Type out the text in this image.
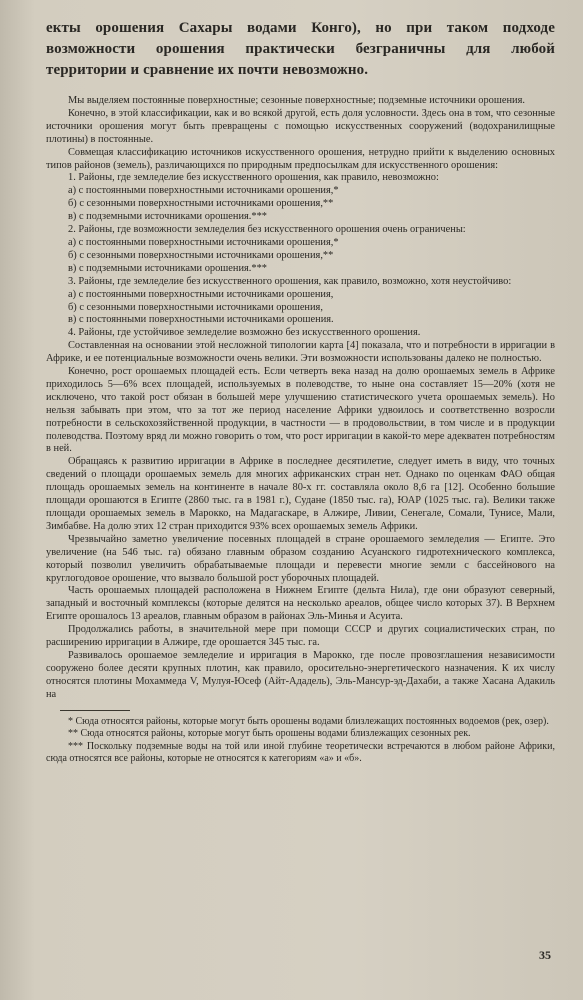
екты орошения Сахары водами Конго), но при таком подходе возможности орошения практически безграничны для любой территории и сравнение их почти невозможно.

Мы выделяем постоянные поверхностные; сезонные поверхностные; подземные источники орошения.

Конечно, в этой классификации, как и во всякой другой, есть доля условности. Здесь она в том, что сезонные источники орошения могут быть превращены с помощью искусственных сооружений (водохранилищные плотины) в постоянные.

Совмещая классификацию источников искусственного орошения, нетрудно прийти к выделению основных типов районов (земель), различающихся по природным предпосылкам для искусственного орошения:

1. Районы, где земледелие без искусственного орошения, как правило, невозможно:

а) с постоянными поверхностными источниками орошения,*

б) с сезонными поверхностными источниками орошения,**

в) с подземными источниками орошения.***

2. Районы, где возможности земледелия без искусственного орошения очень ограничены:

а) с постоянными поверхностными источниками орошения,*

б) с сезонными поверхностными источниками орошения,**

в) с подземными источниками орошения.***

3. Районы, где земледелие без искусственного орошения, как правило, возможно, хотя неустойчиво:

а) с постоянными поверхностными источниками орошения,

б) с сезонными поверхностными источниками орошения,

в) с постоянными поверхностными источниками орошения.

4. Районы, где устойчивое земледелие возможно без искусственного орошения.

Составленная на основании этой несложной типологии карта [4] показала, что и потребности в ирригации в Африке, и ее потенциальные возможности очень велики. Эти возможности использованы далеко не полностью.

Конечно, рост орошаемых площадей есть. Если четверть века назад на долю орошаемых земель в Африке приходилось 5—6% всех площадей, используемых в полеводстве, то ныне она составляет 15—20% (хотя не исключено, что такой рост обязан в большей мере улучшению статистического учета орошаемых земель). Но нельзя забывать при этом, что за тот же период население Африки удвоилось и соответственно возросли потребности в сельскохозяйственной продукции, в частности — в продовольствии, в том числе и в продукции полеводства. Поэтому вряд ли можно говорить о том, что рост ирригации в какой-то мере адекватен потребностям в ней.

Обращаясь к развитию ирригации в Африке в последнее десятилетие, следует иметь в виду, что точных сведений о площади орошаемых земель для многих африканских стран нет. Однако по оценкам ФАО общая площадь орошаемых земель на континенте в начале 80-х гг. составляла около 8,6 га [12]. Особенно большие площади орошаются в Египте (2860 тыс. га в 1981 г.), Судане (1850 тыс. га), ЮАР (1025 тыс. га). Велики также площади орошаемых земель в Марокко, на Мадагаскаре, в Алжире, Ливии, Сенегале, Сомали, Тунисе, Мали, Зимбабве. На долю этих 12 стран приходится 93% всех орошаемых земель Африки.

Чрезвычайно заметно увеличение посевных площадей в стране орошаемого земледелия — Египте. Это увеличение (на 546 тыс. га) обязано главным образом созданию Асуанского гидротехнического комплекса, который позволил увеличить обрабатываемые площади и перевести многие земли с бассейнового на круглогодовое орошение, что вызвало большой рост уборочных площадей.

Часть орошаемых площадей расположена в Нижнем Египте (дельта Нила), где они образуют северный, западный и восточный комплексы (которые делятся на несколько ареалов, общее число которых 37). В Верхнем Египте орошалось 13 ареалов, главным образом в районах Эль-Минья и Асуита.

Продолжались работы, в значительной мере при помощи СССР и других социалистических стран, по расширению ирригации в Алжире, где орошается 345 тыс. га.

Развивалось орошаемое земледелие и ирригация в Марокко, где после провозглашения независимости сооружено более десяти крупных плотин, как правило, оросительно-энергетического назначения. К их числу относятся плотины Мохаммеда V, Мулуя-Юсеф (Айт-Ададель), Эль-Мансур-эд-Дахаби, а также Хасана Адакиль на

* Сюда относятся районы, которые могут быть орошены водами близлежащих постоянных водоемов (рек, озер).

** Сюда относятся районы, которые могут быть орошены водами близлежащих сезонных рек.

*** Поскольку подземные воды на той или иной глубине теоретически встречаются в любом районе Африки, сюда относятся все районы, которые не относятся к категориям «а» и «б».

35
